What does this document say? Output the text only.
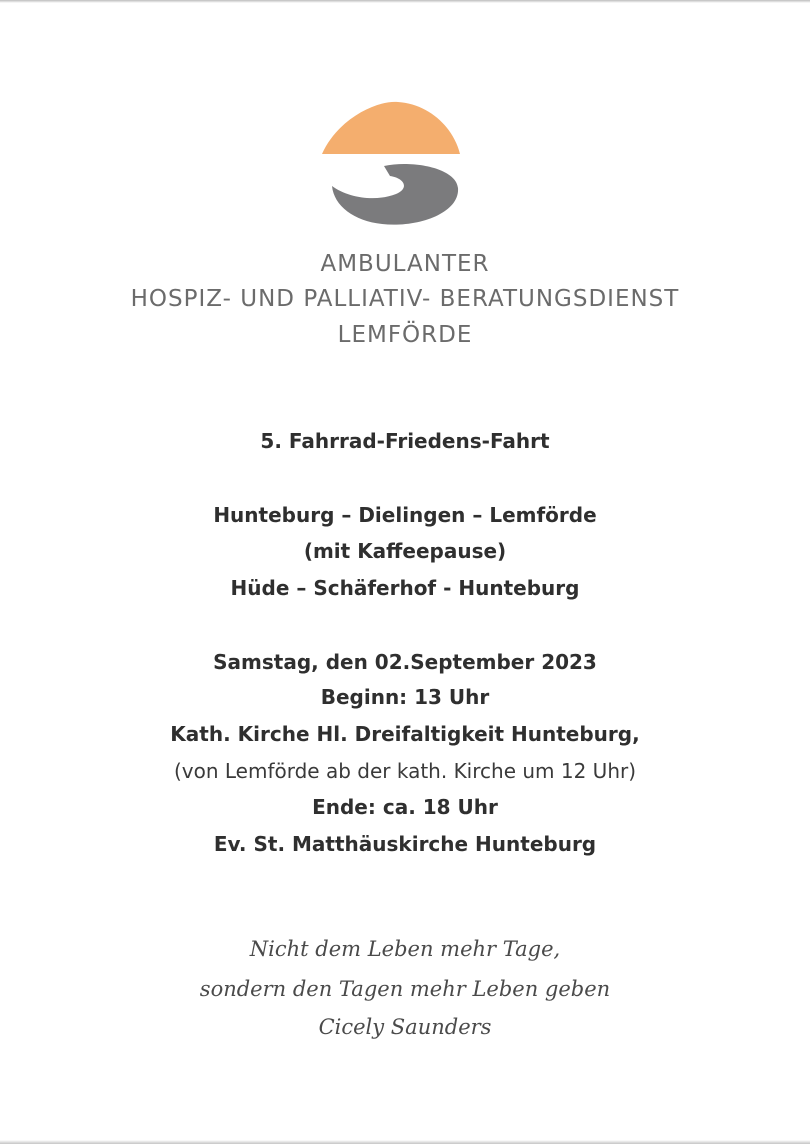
AMBULANTER
HOSPIZ- UND PALLIATIV- BERATUNGSDIENST
LEMFÖRDE
5. Fahrrad-Friedens-Fahrt
Hunteburg – Dielingen – Lemförde
(mit Kaffeepause)
Hüde – Schäferhof - Hunteburg
Samstag, den 02.September 2023
Beginn: 13 Uhr
Kath. Kirche Hl. Dreifaltigkeit Hunteburg,
(von Lemförde ab der kath. Kirche um 12 Uhr)
Ende: ca. 18 Uhr
Ev. St. Matthäuskirche Hunteburg
Nicht dem Leben mehr Tage,
sondern den Tagen mehr Leben geben
Cicely Saunders
